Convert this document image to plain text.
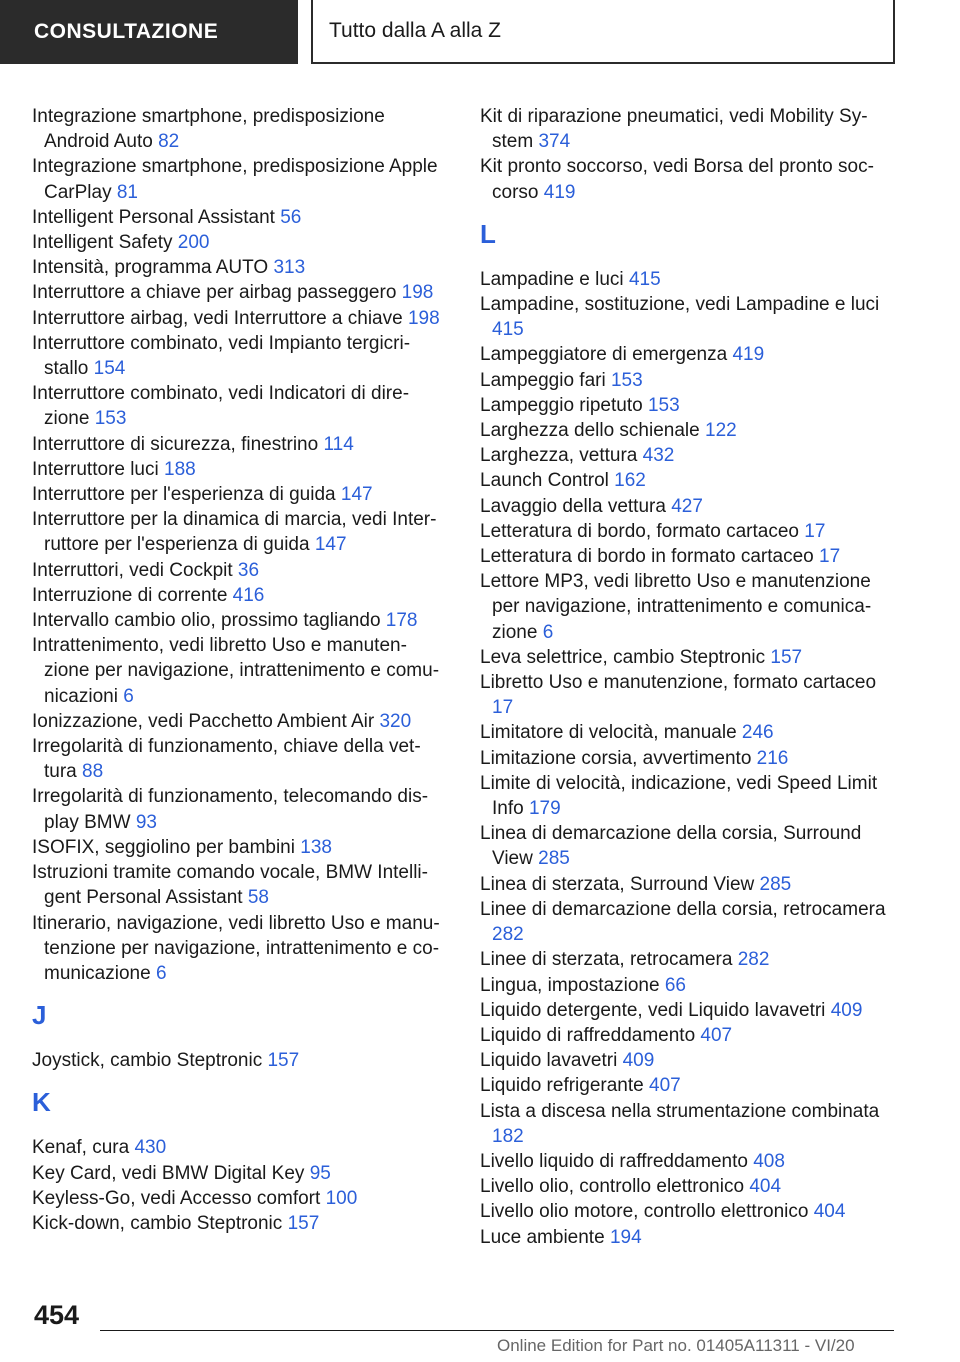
CONSULTAZIONE	Tutto dalla A alla Z
Integrazione smartphone, predisposizione Android Auto 82
Integrazione smartphone, predisposizione Apple CarPlay 81
Intelligent Personal Assistant 56
Intelligent Safety 200
Intensità, programma AUTO 313
Interruttore a chiave per airbag passeggero 198
Interruttore airbag, vedi Interruttore a chiave 198
Interruttore combinato, vedi Impianto tergicristallo 154
Interruttore combinato, vedi Indicatori di direzione 153
Interruttore di sicurezza, finestrino 114
Interruttore luci 188
Interruttore per l'esperienza di guida 147
Interruttore per la dinamica di marcia, vedi Interruttore per l'esperienza di guida 147
Interruttori, vedi Cockpit 36
Interruzione di corrente 416
Intervallo cambio olio, prossimo tagliando 178
Intrattenimento, vedi libretto Uso e manutenzione per navigazione, intrattenimento e comunicazioni 6
Ionizzazione, vedi Pacchetto Ambient Air 320
Irregolarità di funzionamento, chiave della vettura 88
Irregolarità di funzionamento, telecomando display BMW 93
ISOFIX, seggiolino per bambini 138
Istruzioni tramite comando vocale, BMW Intelligent Personal Assistant 58
Itinerario, navigazione, vedi libretto Uso e manutenzione per navigazione, intrattenimento e comunicazione 6
J
Joystick, cambio Steptronic 157
K
Kenaf, cura 430
Key Card, vedi BMW Digital Key 95
Keyless-Go, vedi Accesso comfort 100
Kick-down, cambio Steptronic 157
Kit di riparazione pneumatici, vedi Mobility System 374
Kit pronto soccorso, vedi Borsa del pronto soccorso 419
L
Lampadine e luci 415
Lampadine, sostituzione, vedi Lampadine e luci 415
Lampeggiatore di emergenza 419
Lampeggio fari 153
Lampeggio ripetuto 153
Larghezza dello schienale 122
Larghezza, vettura 432
Launch Control 162
Lavaggio della vettura 427
Letteratura di bordo, formato cartaceo 17
Letteratura di bordo in formato cartaceo 17
Lettore MP3, vedi libretto Uso e manutenzione per navigazione, intrattenimento e comunicazione 6
Leva selettrice, cambio Steptronic 157
Libretto Uso e manutenzione, formato cartaceo 17
Limitatore di velocità, manuale 246
Limitazione corsia, avvertimento 216
Limite di velocità, indicazione, vedi Speed Limit Info 179
Linea di demarcazione della corsia, Surround View 285
Linea di sterzata, Surround View 285
Linee di demarcazione della corsia, retrocamera 282
Linee di sterzata, retrocamera 282
Lingua, impostazione 66
Liquido detergente, vedi Liquido lavavetri 409
Liquido di raffreddamento 407
Liquido lavavetri 409
Liquido refrigerante 407
Lista a discesa nella strumentazione combinata 182
Livello liquido di raffreddamento 408
Livello olio, controllo elettronico 404
Livello olio motore, controllo elettronico 404
Luce ambiente 194
454
Online Edition for Part no. 01405A11311 - VI/20
